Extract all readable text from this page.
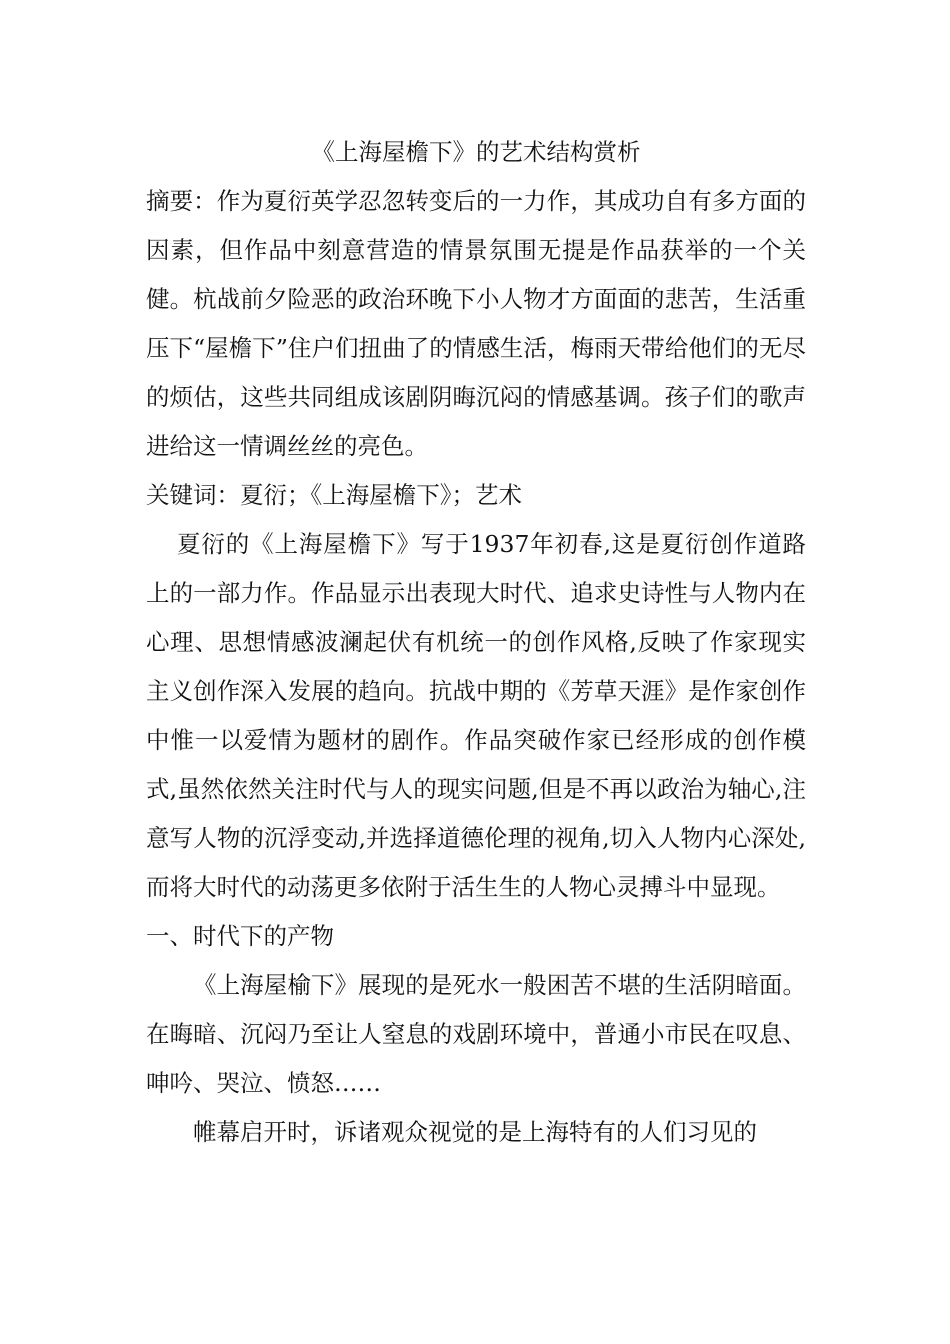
《上海屋檐下》的艺术结构赏析

摘要：作为夏衍英学忍忽转变后的一力作，其成功自有多方面的因素，但作品中刻意营造的情景氛围无提是作品获举的一个关健。杭战前夕险恶的政治环晚下小人物才方面面的悲苦，生活重压下“屋檐下”住户们扭曲了的情感生活，梅雨天带给他们的无尽的烦估，这些共同组成该剧阴晦沉闷的情感基调。孩子们的歌声进给这一情调丝丝的亮色。

关键词：夏衍；《上海屋檐下》；艺术

夏衍的《上海屋檐下》写于1937年初春,这是夏衍创作道路上的一部力作。作品显示出表现大时代、追求史诗性与人物内在心理、思想情感波澜起伏有机统一的创作风格,反映了作家现实主义创作深入发展的趋向。抗战中期的《芳草天涯》是作家创作中惟一以爱情为题材的剧作。作品突破作家已经形成的创作模式,虽然依然关注时代与人的现实问题,但是不再以政治为轴心,注意写人物的沉浮变动,并选择道德伦理的视角,切入人物内心深处,而将大时代的动荡更多依附于活生生的人物心灵搏斗中显现。

一、时代下的产物

《上海屋榆下》展现的是死水一般困苦不堪的生活阴暗面。在晦暗、沉闷乃至让人窒息的戏剧环境中，普通小市民在叹息、呻吟、哭泣、愤怒……

帷幕启开时，诉诸观众视觉的是上海特有的人们习见的
